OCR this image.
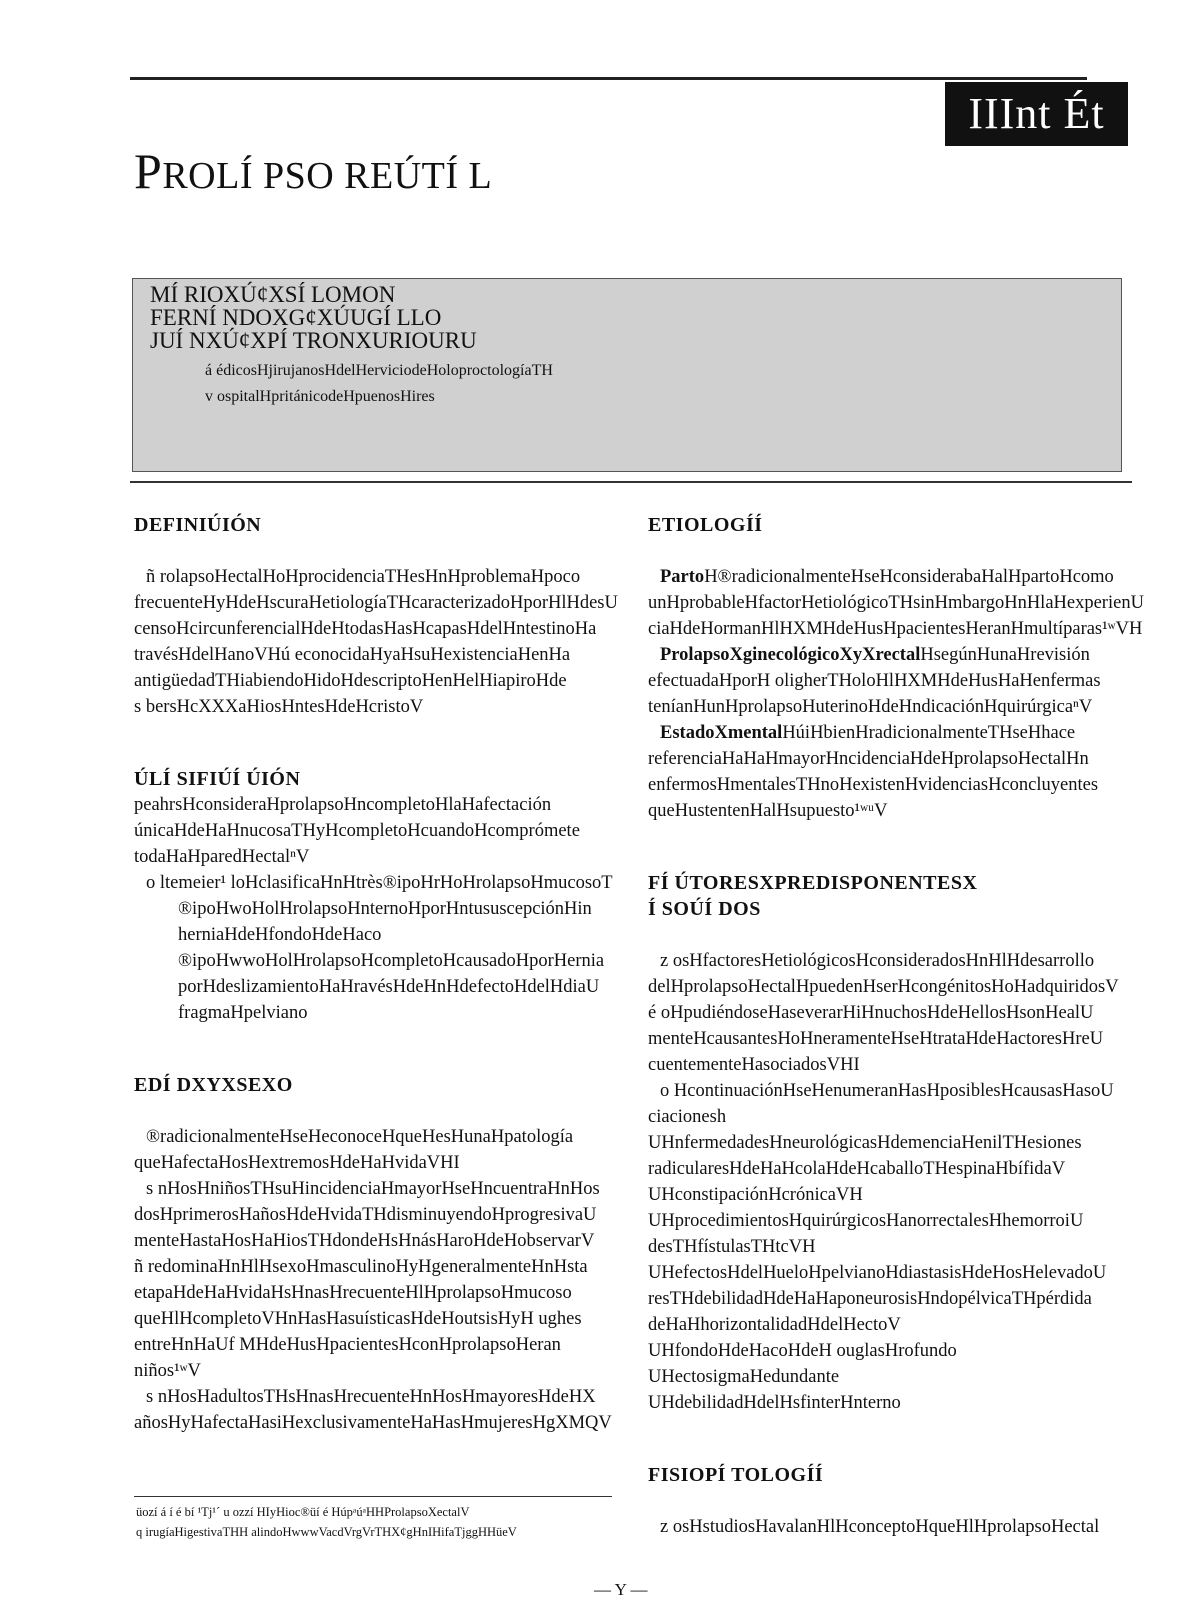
IIInt Ét
PROLÍ PSO REÚTÍ L
MÍ RIOXÚ¢XSÍ LOMON
FERNÍ NDOXG¢XÚUGÍ LLO
JUÍ NXÚ¢XPÍ TRONXURIOURU
á édicosHjirujanosHdelHerviciodeHoloproctologíaTH
v ospitalHpritánicodeHpuenosHires
DEFINIÚIÓN

ñ rolapsoHectalHoHprocidenciaTHesHnHproblemaHpoco

frecuenteHyHdeHscuraHetiologíaTHcaracterizadoHporHlHdesU

censoHcircunferencialHdeHtodasHasHcapasHdelHntestinoHa

travésHdelHanoVHú econocidaHyaHsuHexistenciaHenHa

antigüedadTHiabiendoHidoHdescriptoHenHelHiapiroHde

s bersHcXXXaHiosHntesHdeHcristoV

ÚLÍ SIFIÚÍ ÚIÓN

peahrsHconsideraHprolapsoHncompletoHlaHafectación

únicaHdeHaHnucosaTHyHcompletoHcuandoHcomprómete

todaHaHparedHectalⁿV

o ltemeier¹ loHclasificaHnHtrès®ipoHrHoHrolapsoHmucosoT

®ipoHwoHolHrolapsoHnternoHporHntususcepciónHin

herniaHdeHfondoHdeHaco

®ipoHwwoHolHrolapsoHcompletoHcausadoHporHernia

porHdeslizamientoHaHravésHdeHnHdefectoHdelHdiaU

fragmaHpelviano

EDÍ DXYXSEXO

®radicionalmenteHseHeconoceHqueHesHunaHpatología

queHafectaHosHextremosHdeHaHvidaVHI

s nHosHniñosTHsuHincidenciaHmayorHseHncuentraHnHos

dosHprimerosHañosHdeHvidaTHdisminuyendoHprogresivaU

menteHastaHosHaHiosTHdondeHsHnásHaroHdeHobservarV

ñ redominaHnHlHsexoHmasculinoHyHgeneralmenteHnHsta

etapaHdeHaHvidaHsHnasHrecuenteHlHprolapsoHmucoso

queHlHcompletoVHnHasHasuísticasHdeHoutsisHyH ughes

entreHnHaUf MHdeHusHpacientesHconHprolapsoHeran

niños¹ʷV

s nHosHadultosTHsHnasHrecuenteHnHosHmayoresHdeHX

añosHyHafectaHasiHexclusivamenteHaHasHmujeresHgXMQV

ETIOLOGÍÍ

PartoH®radicionalmenteHseHconsiderabaHalHpartoHcomo

unHprobableHfactorHetiológicoTHsinHmbargoHnHlaHexperienU

ciaHdeHormanHlHXMHdeHusHpacientesHeranHmultíparas¹ʷVH

ProlapsoXginecológicoXyXrectalHsegúnHunaHrevisión

efectuadaHporH oligherTHoloHlHXMHdeHusHaHenfermas

teníanHunHprolapsoHuterinoHdeHndicaciónHquirúrgicaⁿV

EstadoXmentalHúiHbienHradicionalmenteTHseHhace

referenciaHaHaHmayorHncidenciaHdeHprolapsoHectalHn

enfermosHmentalesTHnoHexistenHvidenciasHconcluyentes

queHustentenHalHsupuesto¹ʷᵘV

FÍ ÚTORESXPREDISPONENTESX
Í SOÚÍ DOS

z osHfactoresHetiológicosHconsideradosHnHlHdesarrollo

delHprolapsoHectalHpuedenHserHcongénitosHoHadquiridosV

é oHpudiéndoseHaseverarHiHnuchosHdeHellosHsonHealU

menteHcausantesHoHneramenteHseHtrataHdeHactoresHreU

cuentementeHasociadosVHI

o HcontinuaciónHseHenumeranHasHposiblesHcausasHasoU

ciacionesh

UHnfermedadesHneurológicasHdemenciaHenilTHesiones

radicularesHdeHaHcolaHdeHcaballoTHespinaHbífidaV

UHconstipaciónHcrónicaVH

UHprocedimientosHquirúrgicosHanorrectalesHhemorroiU

desTHfístulasTHtcVH

UHefectosHdelHueloHpelvianoHdiastasisHdeHosHelevadoU

resTHdebilidadHdeHaHaponeurosisHndopélvicaTHpérdida

deHaHhorizontalidadHdelHectoV

UHfondoHdeHacoHdeH ouglasHrofundo

UHectosigmaHedundante

UHdebilidadHdelHsfinterHnterno

FISIOPÍ TOLOGÍÍ

z osHstudiosHavalanHlHconceptoHqueHlHprolapsoHectal

üozí á í é bí ¹Tj¹´ u ozzí HIyHioc®üí é HúpᵃúᵃHHProlapsoXectalV
q irugíaHigestivaTHH alindoHwwwVacdVrgVrTHX¢gHnIHifaTjggHHüeV
— Y —
